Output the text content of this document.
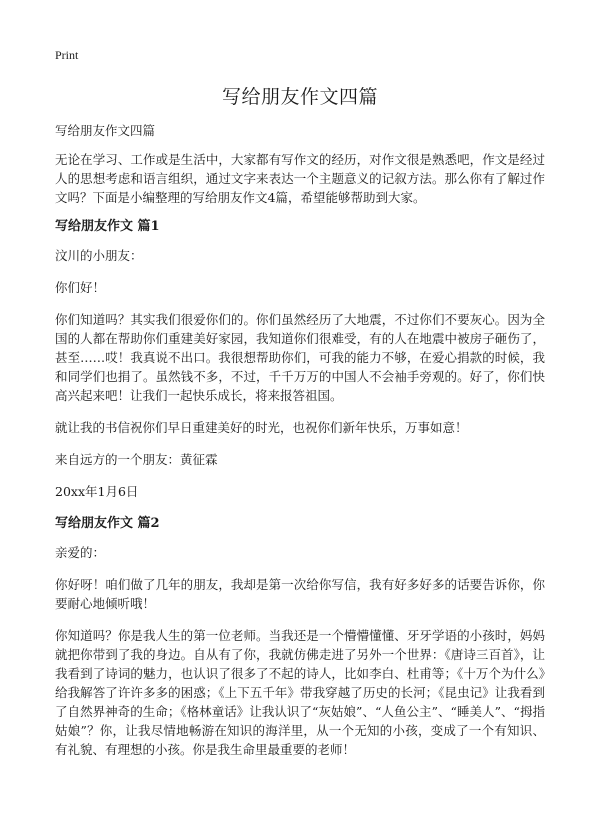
Print
写给朋友作文四篇

写给朋友作文四篇

无论在学习、工作或是生活中，大家都有写作文的经历，对作文很是熟悉吧，作文是经过人的思想考虑和语言组织，通过文字来表达一个主题意义的记叙方法。那么你有了解过作文吗？下面是小编整理的写给朋友作文4篇，希望能够帮助到大家。

写给朋友作文 篇1

汶川的小朋友：

你们好！

你们知道吗？其实我们很爱你们的。你们虽然经历了大地震，不过你们不要灰心。因为全国的人都在帮助你们重建美好家园，我知道你们很难受，有的人在地震中被房子砸伤了，甚至……哎！我真说不出口。我很想帮助你们，可我的能力不够，在爱心捐款的时候，我和同学们也捐了。虽然钱不多，不过，千千万万的中国人不会袖手旁观的。好了，你们快高兴起来吧！让我们一起快乐成长，将来报答祖国。

就让我的书信祝你们早日重建美好的时光，也祝你们新年快乐，万事如意！

来自远方的一个朋友：黄征霖

20xx年1月6日

写给朋友作文 篇2

亲爱的：

你好呀！咱们做了几年的朋友，我却是第一次给你写信，我有好多好多的话要告诉你，你要耐心地倾听哦！

你知道吗？你是我人生的第一位老师。当我还是一个懵懵懂懂、牙牙学语的小孩时，妈妈就把你带到了我的身边。自从有了你，我就仿佛走进了另外一个世界：《唐诗三百首》，让我看到了诗词的魅力，也认识了很多了不起的诗人，比如李白、杜甫等；《十万个为什么》给我解答了许许多多的困惑；《上下五千年》带我穿越了历史的长河；《昆虫记》让我看到了自然界神奇的生命；《格林童话》让我认识了“灰姑娘”、“人鱼公主”、“睡美人”、“拇指姑娘”？你，让我尽情地畅游在知识的海洋里，从一个无知的小孩，变成了一个有知识、有礼貌、有理想的小孩。你是我生命里最重要的老师！
